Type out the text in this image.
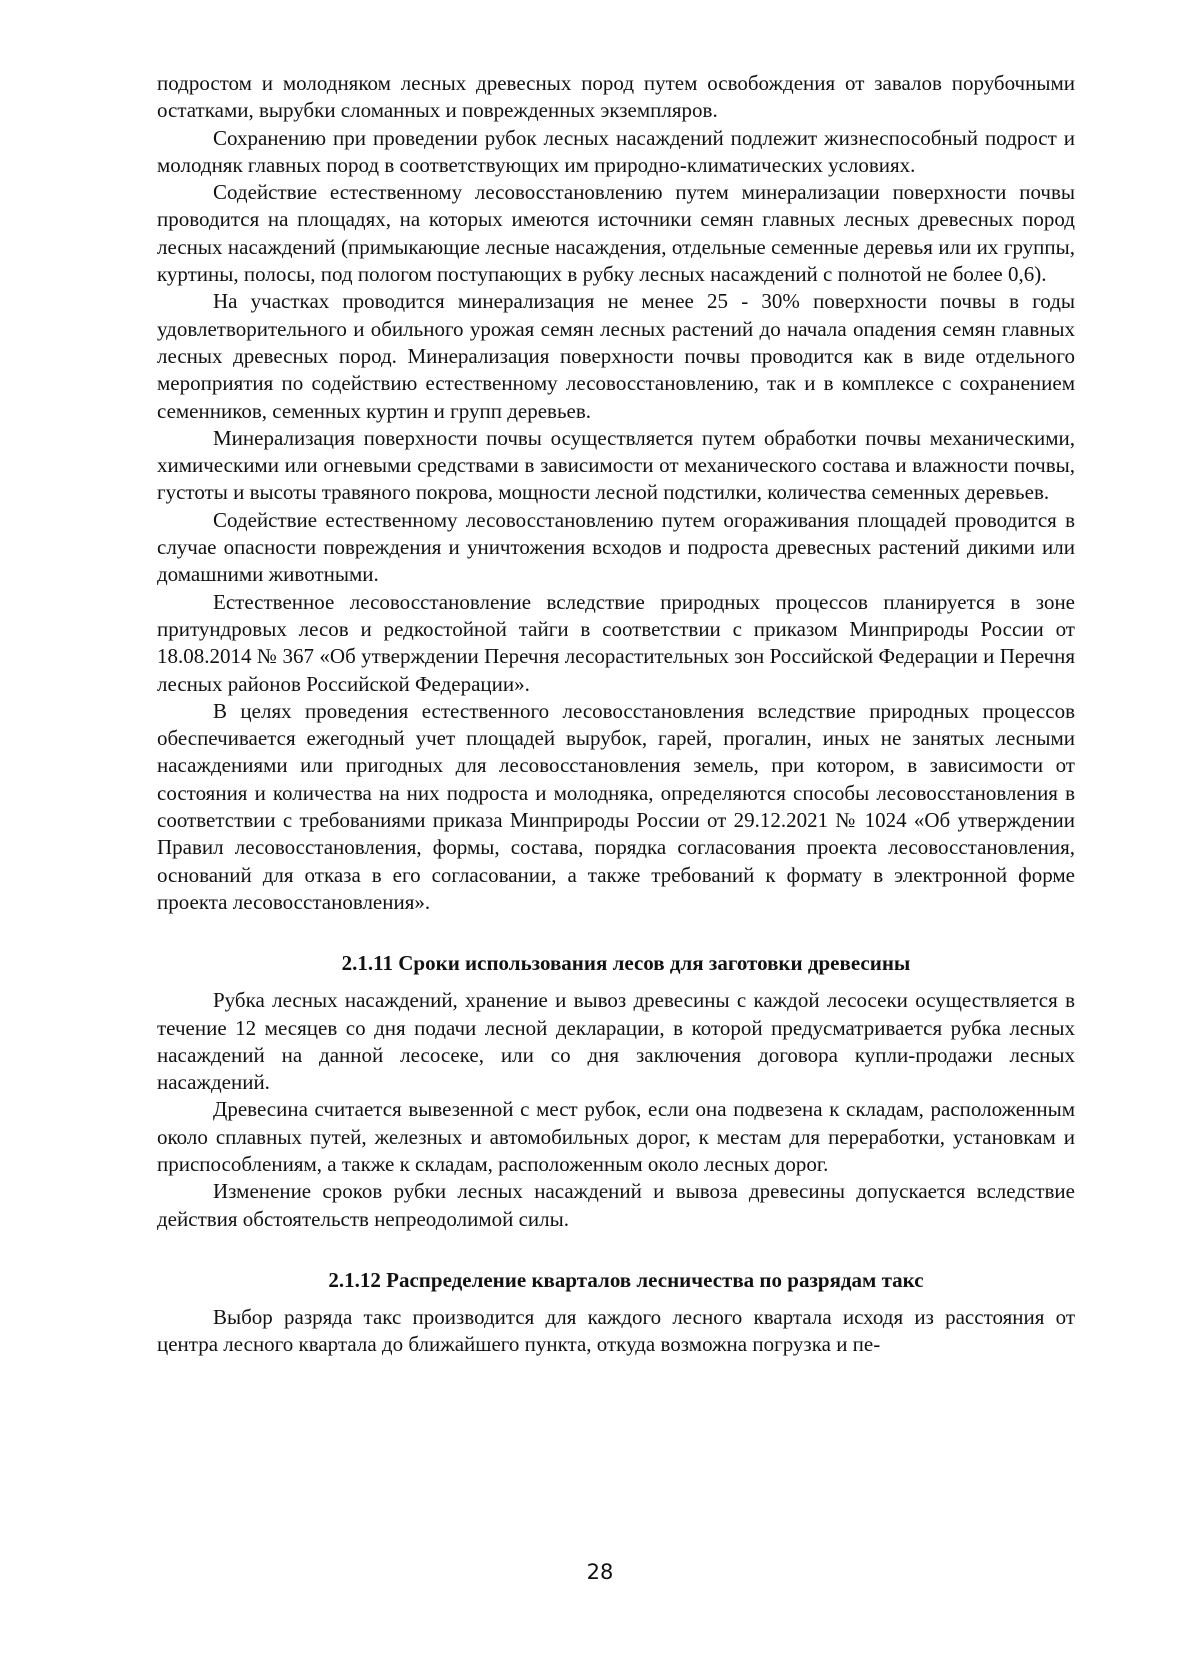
подростом и молодняком лесных древесных пород путем освобождения от завалов порубочными остатками, вырубки сломанных и поврежденных экземпляров.

Сохранению при проведении рубок лесных насаждений подлежит жизнеспособный подрост и молодняк главных пород в соответствующих им природно-климатических условиях.

Содействие естественному лесовосстановлению путем минерализации поверхности почвы проводится на площадях, на которых имеются источники семян главных лесных древесных пород лесных насаждений (примыкающие лесные насаждения, отдельные семенные деревья или их группы, куртины, полосы, под пологом поступающих в рубку лесных насаждений с полнотой не более 0,6).

На участках проводится минерализация не менее 25 - 30% поверхности почвы в годы удовлетворительного и обильного урожая семян лесных растений до начала опадения семян главных лесных древесных пород. Минерализация поверхности почвы проводится как в виде отдельного мероприятия по содействию естественному лесовосстановлению, так и в комплексе с сохранением семенников, семенных куртин и групп деревьев.

Минерализация поверхности почвы осуществляется путем обработки почвы механическими, химическими или огневыми средствами в зависимости от механического состава и влажности почвы, густоты и высоты травяного покрова, мощности лесной подстилки, количества семенных деревьев.

Содействие естественному лесовосстановлению путем огораживания площадей проводится в случае опасности повреждения и уничтожения всходов и подроста древесных растений дикими или домашними животными.

Естественное лесовосстановление вследствие природных процессов планируется в зоне притундровых лесов и редкостойной тайги в соответствии с приказом Минприроды России от 18.08.2014 № 367 «Об утверждении Перечня лесорастительных зон Российской Федерации и Перечня лесных районов Российской Федерации».

В целях проведения естественного лесовосстановления вследствие природных процессов обеспечивается ежегодный учет площадей вырубок, гарей, прогалин, иных не занятых лесными насаждениями или пригодных для лесовосстановления земель, при котором, в зависимости от состояния и количества на них подроста и молодняка, определяются способы лесовосстановления в соответствии с требованиями приказа Минприроды России от 29.12.2021 № 1024 «Об утверждении Правил лесовосстановления, формы, состава, порядка согласования проекта лесовосстановления, оснований для отказа в его согласовании, а также требований к формату в электронной форме проекта лесовосстановления».

2.1.11 Сроки использования лесов для заготовки древесины

Рубка лесных насаждений, хранение и вывоз древесины с каждой лесосеки осуществляется в течение 12 месяцев со дня подачи лесной декларации, в которой предусматривается рубка лесных насаждений на данной лесосеке, или со дня заключения договора купли-продажи лесных насаждений.

Древесина считается вывезенной с мест рубок, если она подвезена к складам, расположенным около сплавных путей, железных и автомобильных дорог, к местам для переработки, установкам и приспособлениям, а также к складам, расположенным около лесных дорог.

Изменение сроков рубки лесных насаждений и вывоза древесины допускается вследствие действия обстоятельств непреодолимой силы.

2.1.12 Распределение кварталов лесничества по разрядам такс

Выбор разряда такс производится для каждого лесного квартала исходя из расстояния от центра лесного квартала до ближайшего пункта, откуда возможна погрузка и пе-

28
